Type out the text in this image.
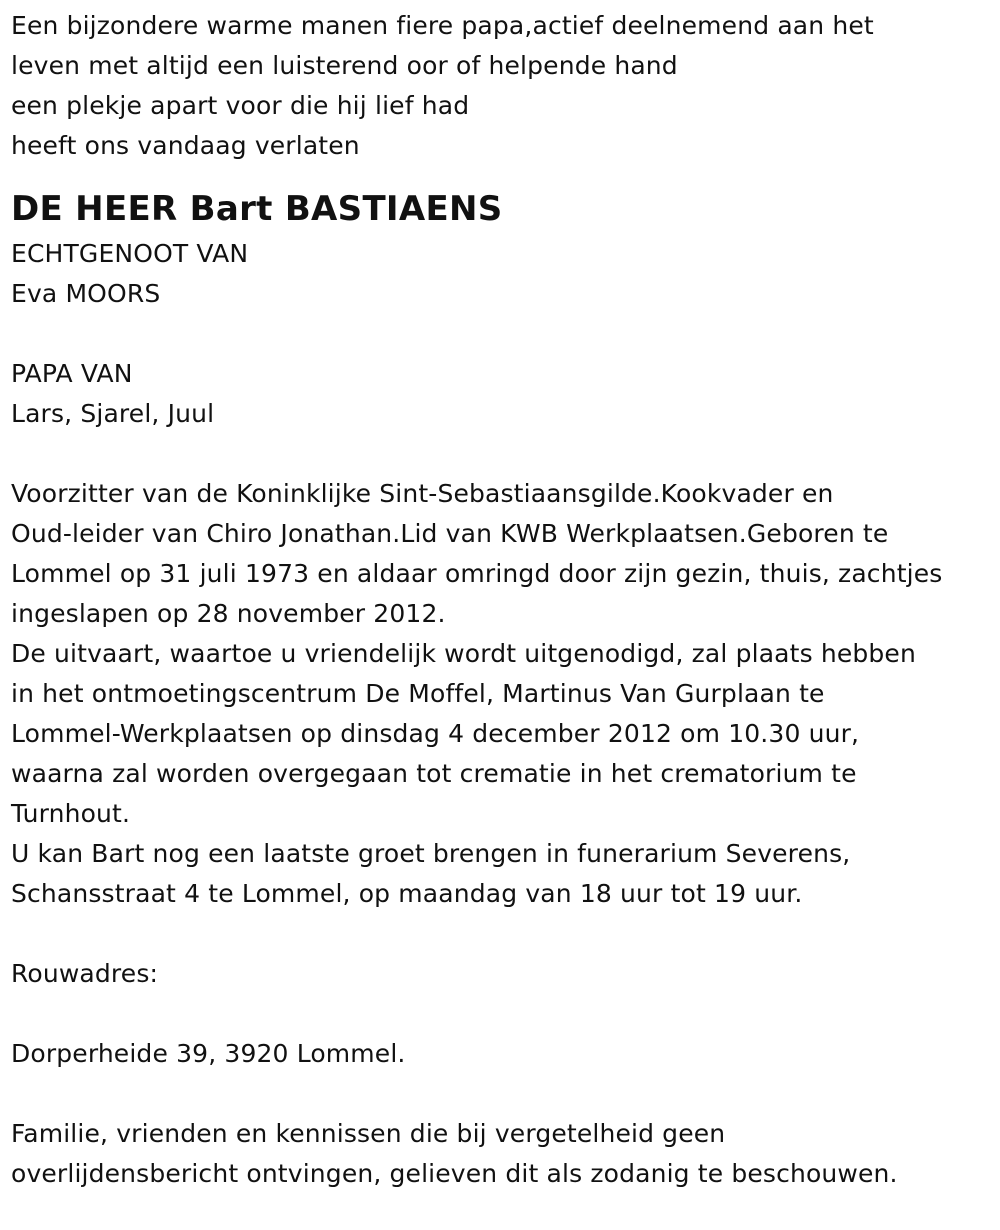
Een bijzondere warme manen fiere papa,actief deelnemend aan het

leven met altijd een luisterend oor of helpende hand

een plekje apart voor die hij lief had

heeft ons vandaag verlaten

DE HEER Bart BASTIAENS

ECHTGENOOT VAN

Eva MOORS

PAPA VAN

Lars, Sjarel, Juul

Voorzitter van de Koninklijke Sint-Sebastiaansgilde.Kookvader en

Oud-leider van Chiro Jonathan.Lid van KWB Werkplaatsen.Geboren te

Lommel op 31 juli 1973 en aldaar omringd door zijn gezin, thuis, zachtjes

ingeslapen op 28 november 2012.

De uitvaart, waartoe u vriendelijk wordt uitgenodigd, zal plaats hebben

in het ontmoetingscentrum De Moffel, Martinus Van Gurplaan te

Lommel-Werkplaatsen op dinsdag 4 december 2012 om 10.30 uur,

waarna zal worden overgegaan tot crematie in het crematorium te

Turnhout.

U kan Bart nog een laatste groet brengen in funerarium Severens,

Schansstraat 4 te Lommel, op maandag van 18 uur tot 19 uur.

Rouwadres:

Dorperheide 39, 3920 Lommel.

Familie, vrienden en kennissen die bij vergetelheid geen

overlijdensbericht ontvingen, gelieven dit als zodanig te beschouwen.
